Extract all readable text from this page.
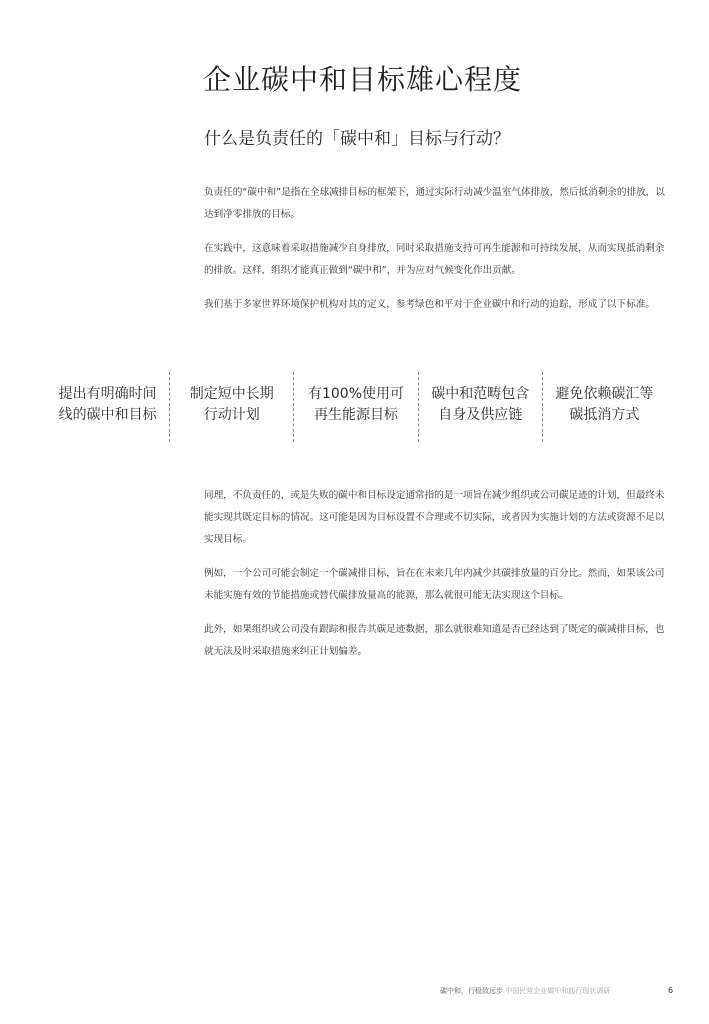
企业碳中和目标雄心程度
什么是负责任的「碳中和」目标与行动？

负责任的“碳中和”是指在全球减排目标的框架下，通过实际行动减少温室气体排放，然后抵消剩余的排放，以达到净零排放的目标。

在实践中，这意味着采取措施减少自身排放，同时采取措施支持可再生能源和可持续发展，从而实现抵消剩余的排放。这样，组织才能真正做到“碳中和”，并为应对气候变化作出贡献。

我们基于多家世界环境保护机构对其的定义，参考绿色和平对于企业碳中和行动的追踪，形成了以下标准。

提出有明确时间线的碳中和目标
制定短中长期行动计划
有100%使用可再生能源目标
碳中和范畴包含自身及供应链
避免依赖碳汇等碳抵消方式

同理，不负责任的，或是失败的碳中和目标设定通常指的是一项旨在减少组织或公司碳足迹的计划，但最终未能实现其既定目标的情况。这可能是因为目标设置不合理或不切实际，或者因为实施计划的方法或资源不足以实现目标。

例如，一个公司可能会制定一个碳减排目标，旨在在未来几年内减少其碳排放量的百分比。然而，如果该公司未能实施有效的节能措施或替代碳排放量高的能源，那么就很可能无法实现这个目标。

此外，如果组织或公司没有跟踪和报告其碳足迹数据，那么就很难知道是否已经达到了既定的碳减排目标，也就无法及时采取措施来纠正计划偏差。

碳中和，行稳致远步 中国民营企业碳中和践行现状调研	6
